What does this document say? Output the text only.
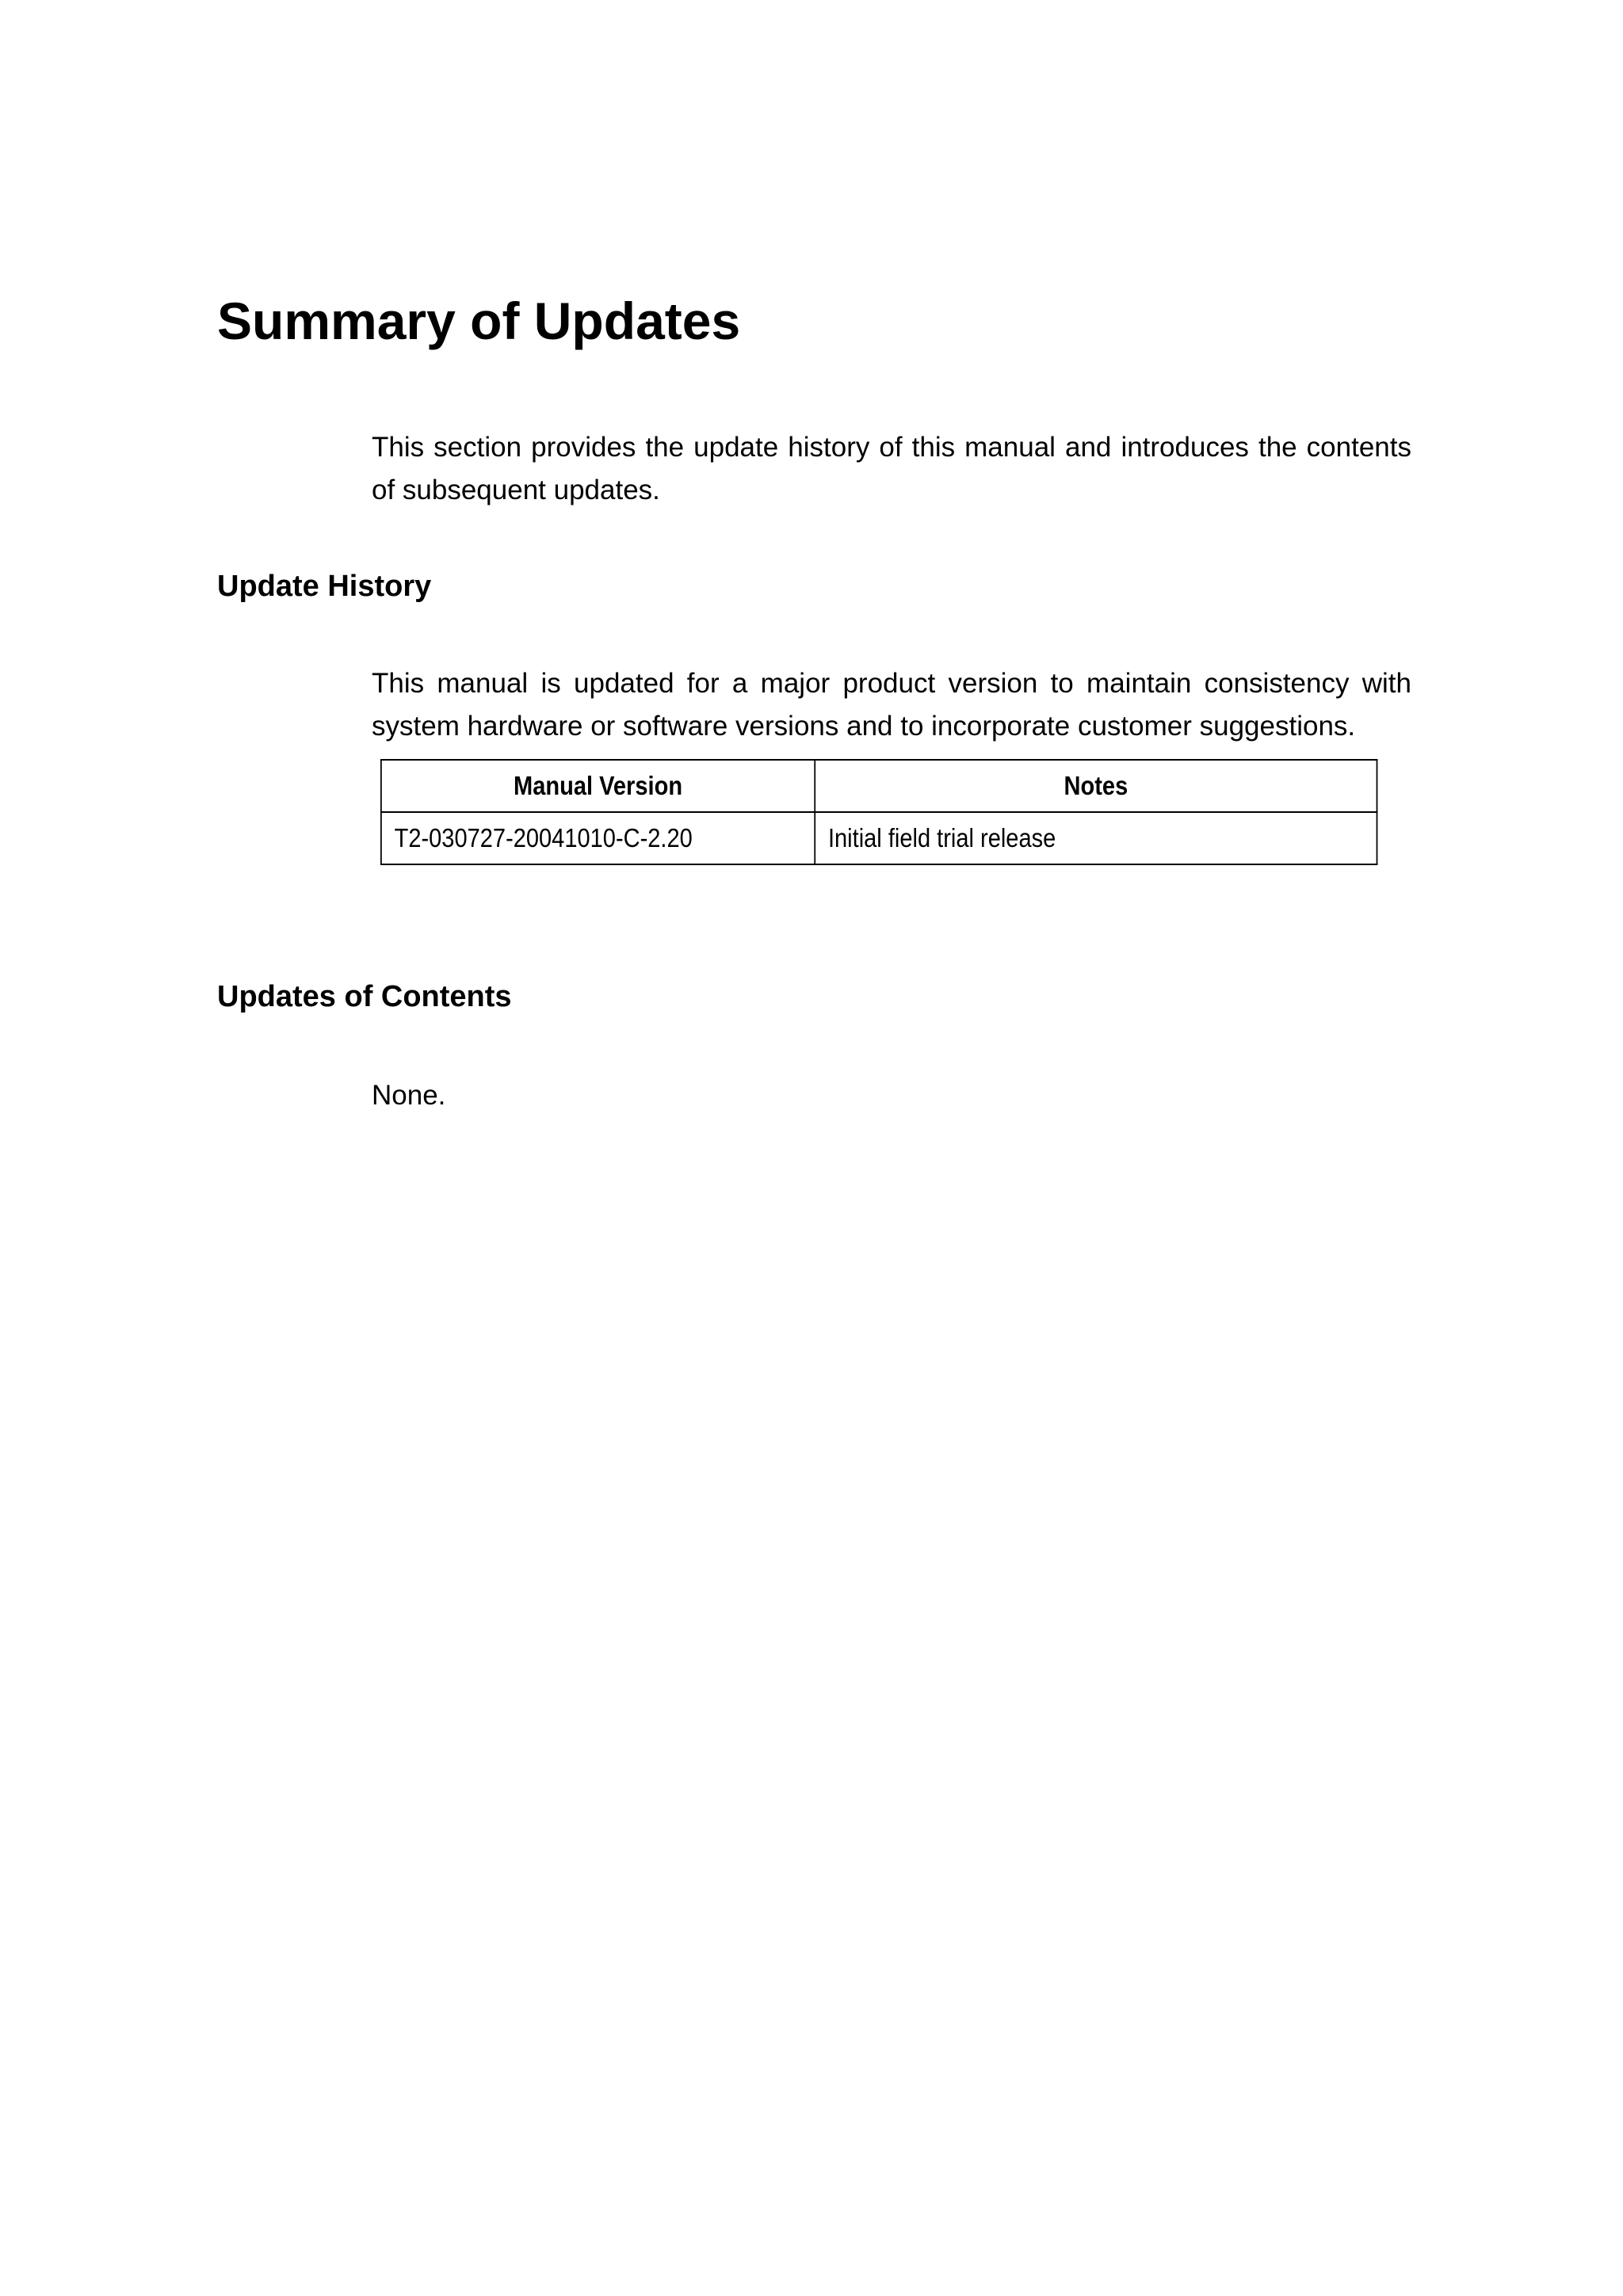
Summary of Updates

This section provides the update history of this manual and introduces the contents of subsequent updates.

Update History

This manual is updated for a major product version to maintain consistency with system hardware or software versions and to incorporate customer suggestions.

Manual Version	Notes
T2-030727-20041010-C-2.20	Initial field trial release
Updates of Contents

None.
